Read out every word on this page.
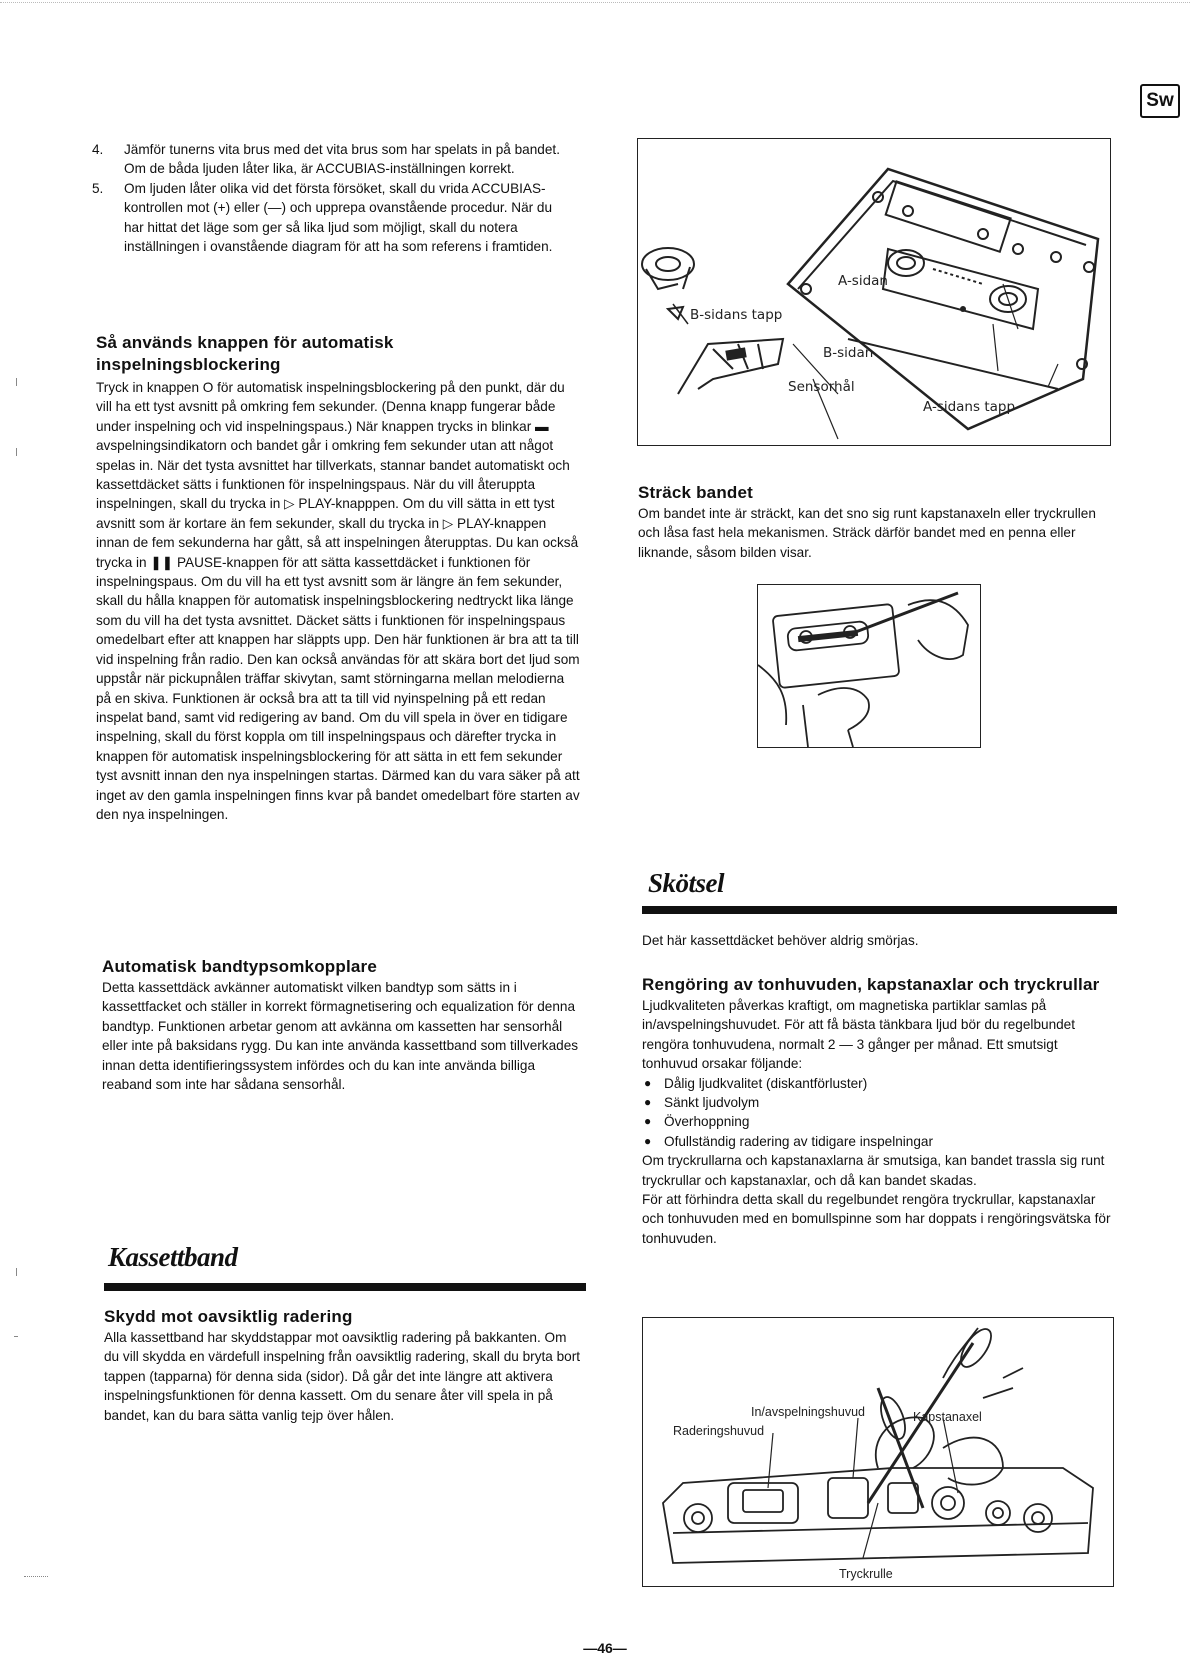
Sw
4. Jämför tunerns vita brus med det vita brus som har spelats in på bandet. Om de båda ljuden låter lika, är ACCUBIAS-inställningen korrekt.
5. Om ljuden låter olika vid det första försöket, skall du vrida ACCUBIAS-kontrollen mot (+) eller (—) och upprepa ovanstående procedur. När du har hittat det läge som ger så lika ljud som möjligt, skall du notera inställningen i ovanstående diagram för att ha som referens i framtiden.
Så används knappen för automatisk inspelningsblockering

Tryck in knappen O för automatisk inspelningsblockering på den punkt, där du vill ha ett tyst avsnitt på omkring fem sekunder. (Denna knapp fungerar både under inspelning och vid inspelningspaus.) När knappen trycks in blinkar ▬ avspelningsindikatorn och bandet går i omkring fem sekunder utan att något spelas in. När det tysta avsnittet har tillverkats, stannar bandet automatiskt och kassettdäcket sätts i funktionen för inspelningspaus. När du vill återuppta inspelningen, skall du trycka in ▷ PLAY-knapppen. Om du vill sätta in ett tyst avsnitt som är kortare än fem sekunder, skall du trycka in ▷ PLAY-knappen innan de fem sekunderna har gått, så att inspelningen återupptas. Du kan också trycka in ❚❚ PAUSE-knappen för att sätta kassettdäcket i funktionen för inspelningspaus. Om du vill ha ett tyst avsnitt som är längre än fem sekunder, skall du hålla knappen för automatisk inspelningsblockering nedtryckt lika länge som du vill ha det tysta avsnittet. Däcket sätts i funktionen för inspelningspaus omedelbart efter att knappen har släppts upp. Den här funktionen är bra att ta till vid inspelning från radio. Den kan också användas för att skära bort det ljud som uppstår när pickupnålen träffar skivytan, samt störningarna mellan melodierna på en skiva. Funktionen är också bra att ta till vid nyinspelning på ett redan inspelat band, samt vid redigering av band. Om du vill spela in över en tidigare inspelning, skall du först koppla om till inspelningspaus och därefter trycka in knappen för automatisk inspelningsblockering för att sätta in ett fem sekunder tyst avsnitt innan den nya inspelningen startas. Därmed kan du vara säker på att inget av den gamla inspelningen finns kvar på bandet omedelbart före starten av den nya inspelningen.

Automatisk bandtypsomkopplare

Detta kassettdäck avkänner automatiskt vilken bandtyp som sätts in i kassettfacket och ställer in korrekt förmagnetisering och equalization för denna bandtyp. Funktionen arbetar genom att avkänna om kassetten har sensorhål eller inte på baksidans rygg. Du kan inte använda kassettband som tillverkades innan detta identifieringssystem infördes och du kan inte använda billiga reaband som inte har sådana sensorhål.

Kassettband
Skydd mot oavsiktlig radering

Alla kassettband har skyddstappar mot oavsiktlig radering på bakkanten. Om du vill skydda en värdefull inspelning från oavsiktlig radering, skall du bryta bort tappen (tapparna) för denna sida (sidor). Då går det inte längre att aktivera inspelningsfunktionen för denna kassett. Om du senare åter vill spela in på bandet, kan du bara sätta vanlig tejp över hålen.

A-sidan
B-sidans tapp
B-sidan
Sensorhål
A-sidans tapp
Sträck bandet

Om bandet inte är sträckt, kan det sno sig runt kapstanaxeln eller tryckrullen och låsa fast hela mekanismen. Sträck därför bandet med en penna eller liknande, såsom bilden visar.

Skötsel

Det här kassettdäcket behöver aldrig smörjas.

Rengöring av tonhuvuden, kapstanaxlar och tryckrullar

Ljudkvaliteten påverkas kraftigt, om magnetiska partiklar samlas på in/avspelningshuvudet. För att få bästa tänkbara ljud bör du regelbundet rengöra tonhuvudena, normalt 2 — 3 gånger per månad. Ett smutsigt tonhuvud orsakar följande:

● Dålig ljudkvalitet (diskantförluster)
● Sänkt ljudvolym
● Överhoppning
● Ofullständig radering av tidigare inspelningar

Om tryckrullarna och kapstanaxlarna är smutsiga, kan bandet trassla sig runt tryckrullar och kapstanaxlar, och då kan bandet skadas.

För att förhindra detta skall du regelbundet rengöra tryckrullar, kapstanaxlar och tonhuvuden med en bomullspinne som har doppats i rengöringsvätska för tonhuvuden.

In/avspelningshuvud	Kapstanaxel
Raderingshuvud
Tryckrulle
—46—
